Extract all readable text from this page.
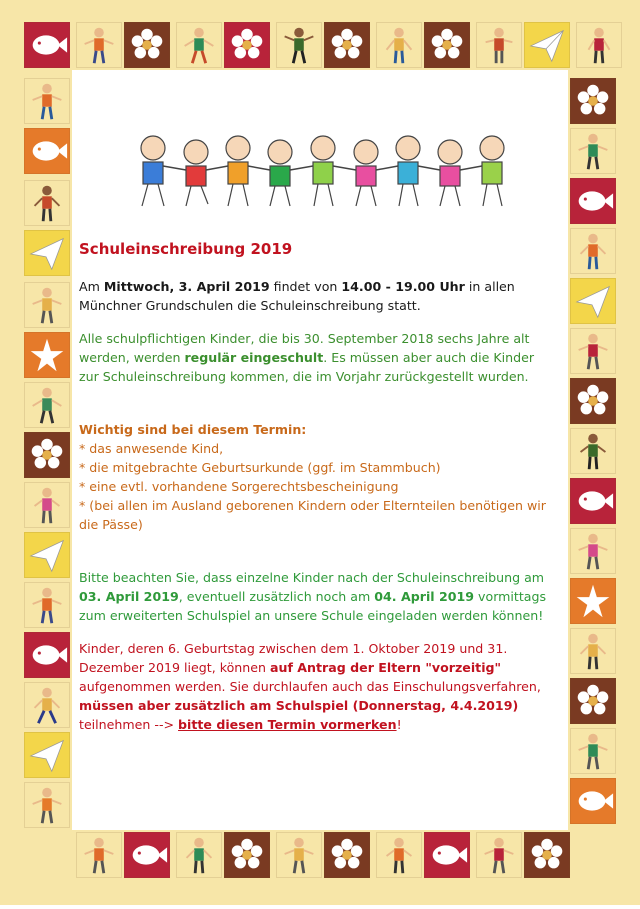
Schuleinschreibung 2019

Am Mittwoch, 3. April 2019 findet von 14.00 - 19.00 Uhr in allen Münchner Grundschulen die Schuleinschreibung statt.

Alle schulpflichtigen Kinder, die bis 30. September 2018 sechs Jahre alt werden, werden regulär eingeschult. Es müssen aber auch die Kinder zur Schuleinschreibung kommen, die im Vorjahr zurückgestellt wurden.

Wichtig sind bei diesem Termin:
* das anwesende Kind,
* die mitgebrachte Geburtsurkunde (ggf. im Stammbuch)
* eine evtl. vorhandene Sorgerechtsbescheinigung
* (bei allen im Ausland geborenen Kindern oder Elternteilen benötigen wir die Pässe)

Bitte beachten Sie, dass einzelne Kinder nach der Schuleinschreibung am 03. April 2019, eventuell zusätzlich noch am 04. April 2019 vormittags zum erweiterten Schulspiel an unsere Schule eingeladen werden können!

Kinder, deren 6. Geburtstag zwischen dem 1. Oktober 2019 und 31. Dezember 2019 liegt, können auf Antrag der Eltern "vorzeitig" aufgenommen werden. Sie durchlaufen auch das Einschulungsverfahren, müssen aber zusätzlich am Schulspiel (Donnerstag, 4.4.2019) teilnehmen --> bitte diesen Termin vormerken!
